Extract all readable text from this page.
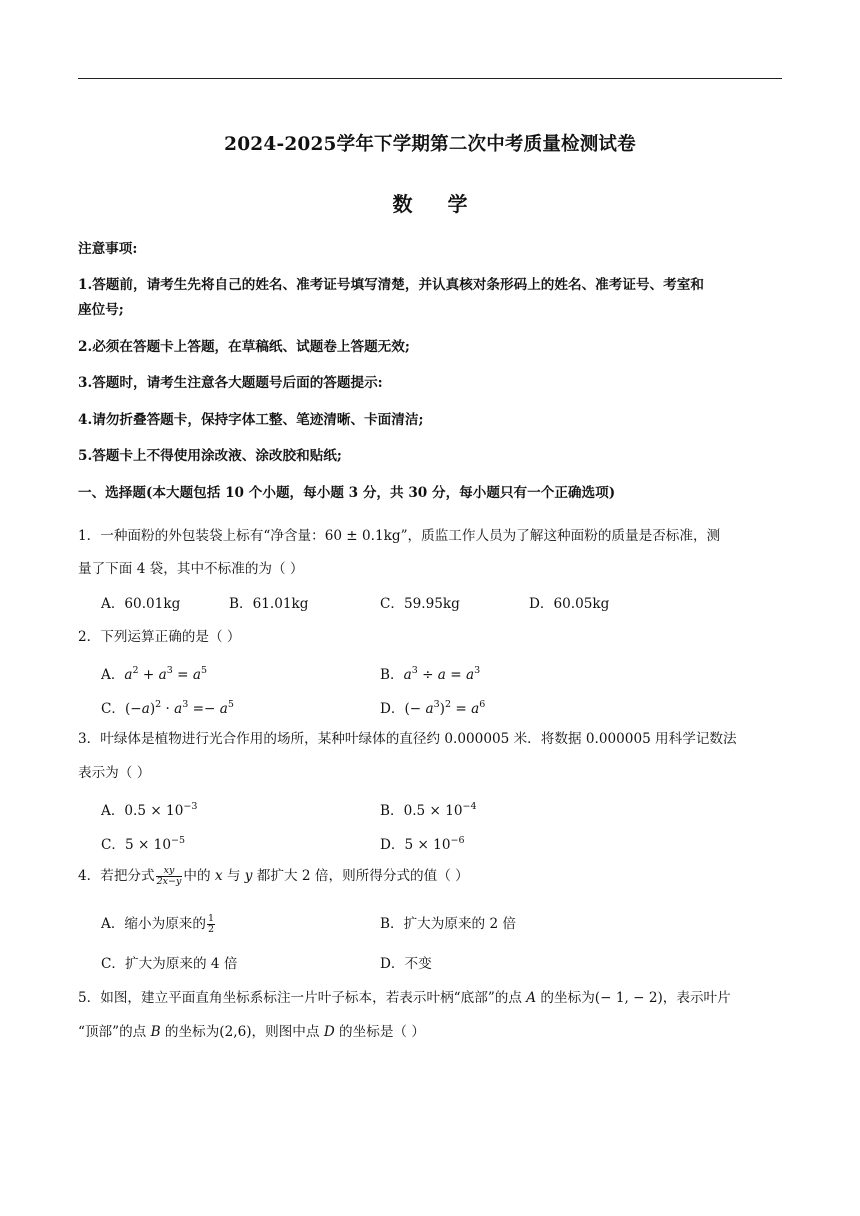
2024-2025学年下学期第二次中考质量检测试卷
数 学
注意事项:
1.答题前，请考生先将自己的姓名、准考证号填写清楚，并认真核对条形码上的姓名、准考证号、考室和
座位号;
2.必须在答题卡上答题，在草稿纸、试题卷上答题无效;
3.答题时，请考生注意各大题题号后面的答题提示:
4.请勿折叠答题卡，保持字体工整、笔迹清晰、卡面清洁;
5.答题卡上不得使用涂改液、涂改胶和贴纸;
一、选择题(本大题包括 10 个小题，每小题 3 分，共 30 分，每小题只有一个正确选项)
1．一种面粉的外包装袋上标有“净含量：60 ± 0.1kg”，质监工作人员为了解这种面粉的质量是否标准，测
量了下面 4 袋，其中不标准的为（ ）
A．60.01kg	B．61.01kg	C．59.95kg	D．60.05kg
2．下列运算正确的是（ ）
A．$a^2 + a^3 = a^5$	B．$a^3 \div a = a^3$
C．$(-a)^2 \cdot a^3 =- a^5$	D．(− $a^3)^2 = a^6$
3．叶绿体是植物进行光合作用的场所，某种叶绿体的直径约 0.000005 米．将数据 0.000005 用科学记数法
表示为（ ）
A．$0.5 \times 10^{-3}$	B．$0.5 \times 10^{-4}$
C．$5 \times 10^{-5}$	D．$5 \times 10^{-6}$
4．若把分式 $\frac{xy}{2x-y}$ 中的 x 与 y 都扩大 2 倍，则所得分式的值（ ）
A．缩小为原来的 $\frac{1}{2}$	B．扩大为原来的 2 倍
C．扩大为原来的 4 倍	D．不变
5．如图，建立平面直角坐标系标注一片叶子标本，若表示叶柄“底部”的点 A 的坐标为(− 1, − 2)，表示叶片
“顶部”的点 B 的坐标为(2,6)，则图中点 D 的坐标是（ ）
